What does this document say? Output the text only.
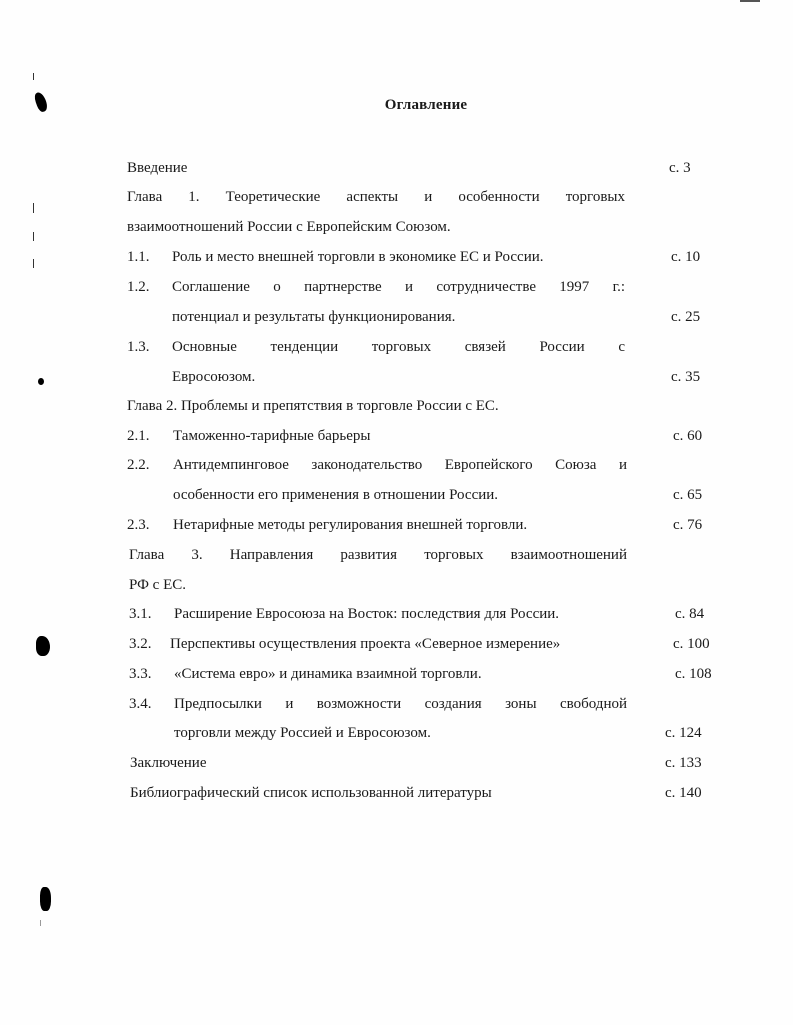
Оглавление
Введение	с. 3
Глава 1. Теоретические аспекты и особенности торговых
взаимоотношений России с Европейским Союзом.
1.1. Роль и место внешней торговли в экономике ЕС и России.	с. 10
1.2. Соглашение о партнерстве и сотрудничестве 1997 г.:
потенциал и результаты функционирования.	с. 25
1.3. Основные тенденции торговых связей России с
Евросоюзом.	с. 35
Глава 2. Проблемы и препятствия в торговле России с ЕС.
2.1. Таможенно-тарифные барьеры	с. 60
2.2. Антидемпинговое законодательство Европейского Союза и
особенности его применения в отношении России.	с. 65
2.3. Нетарифные методы регулирования внешней торговли.	с. 76
Глава 3. Направления развития торговых взаимоотношений
РФ с ЕС.
3.1. Расширение Евросоюза на Восток: последствия для России.	с. 84
3.2. Перспективы осуществления проекта «Северное измерение»	с. 100
3.3. «Система евро» и динамика взаимной торговли.	с. 108
3.4. Предпосылки и возможности создания зоны свободной
торговли между Россией и Евросоюзом.	с. 124
Заключение	с. 133
Библиографический список использованной литературы	с. 140
